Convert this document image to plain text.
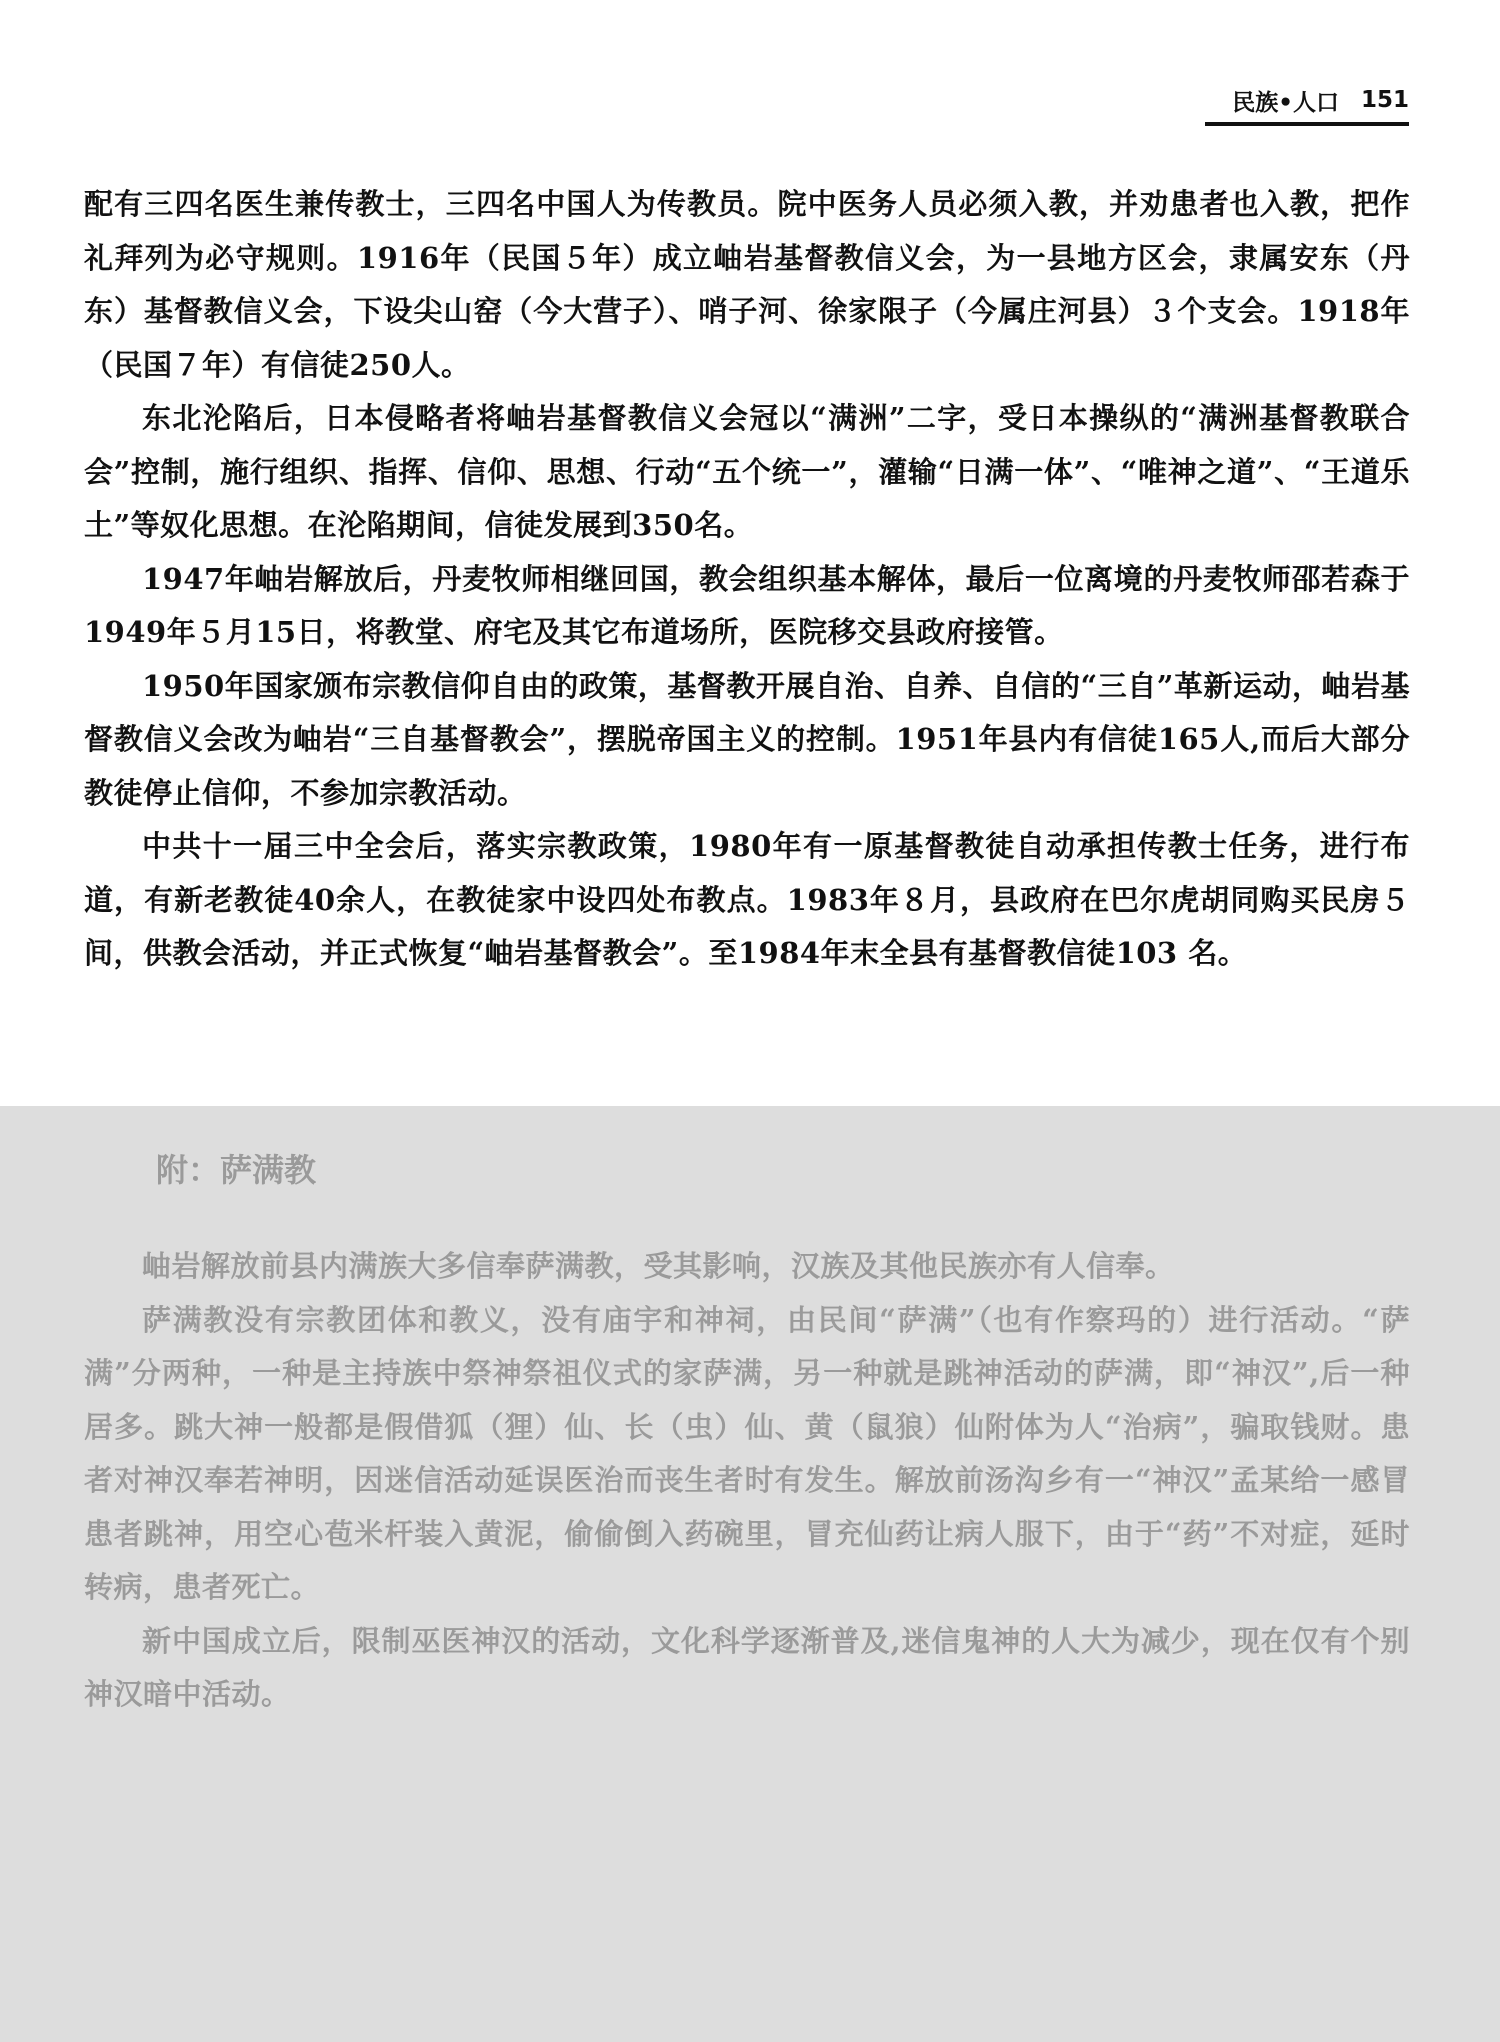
民族•人口 151

配有三四名医生兼传教士，三四名中国人为传教员。院中医务人员必须入教，并劝患者也入教，把作礼拜列为必守规则。1916年（民国５年）成立岫岩基督教信义会，为一县地方区会，隶属安东（丹东）基督教信义会，下设尖山窑（今大营子）、哨子河、徐家限子（今属庄河县）３个支会。1918年（民国７年）有信徒250人。

东北沦陷后，日本侵略者将岫岩基督教信义会冠以“满洲”二字，受日本操纵的“满洲基督教联合会”控制，施行组织、指挥、信仰、思想、行动“五个统一”，灌输“日满一体”、“唯神之道”、“王道乐土”等奴化思想。在沦陷期间，信徒发展到350名。

1947年岫岩解放后，丹麦牧师相继回国，教会组织基本解体，最后一位离境的丹麦牧师邵若森于1949年５月15日，将教堂、府宅及其它布道场所，医院移交县政府接管。

1950年国家颁布宗教信仰自由的政策，基督教开展自治、自养、自信的“三自”革新运动，岫岩基督教信义会改为岫岩“三自基督教会”，摆脱帝国主义的控制。1951年县内有信徒165人,而后大部分教徒停止信仰，不参加宗教活动。

中共十一届三中全会后，落实宗教政策，1980年有一原基督教徒自动承担传教士任务，进行布道，有新老教徒40余人，在教徒家中设四处布教点。1983年８月，县政府在巴尔虎胡同购买民房５间，供教会活动，并正式恢复“岫岩基督教会”。至1984年末全县有基督教信徒103 名。

附：萨满教

岫岩解放前县内满族大多信奉萨满教，受其影响，汉族及其他民族亦有人信奉。

萨满教没有宗教团体和教义，没有庙宇和神祠，由民间“萨满”（也有作察玛的）进行活动。“萨满”分两种，一种是主持族中祭神祭祖仪式的家萨满，另一种就是跳神活动的萨满，即“神汉”,后一种居多。跳大神一般都是假借狐（狸）仙、长（虫）仙、黄（鼠狼）仙附体为人“治病”，骗取钱财。患者对神汉奉若神明，因迷信活动延误医治而丧生者时有发生。解放前汤沟乡有一“神汉”孟某给一感冒患者跳神，用空心苞米杆装入黄泥，偷偷倒入药碗里，冒充仙药让病人服下，由于“药”不对症，延时转病，患者死亡。

新中国成立后，限制巫医神汉的活动，文化科学逐渐普及,迷信鬼神的人大为减少，现在仅有个别神汉暗中活动。
